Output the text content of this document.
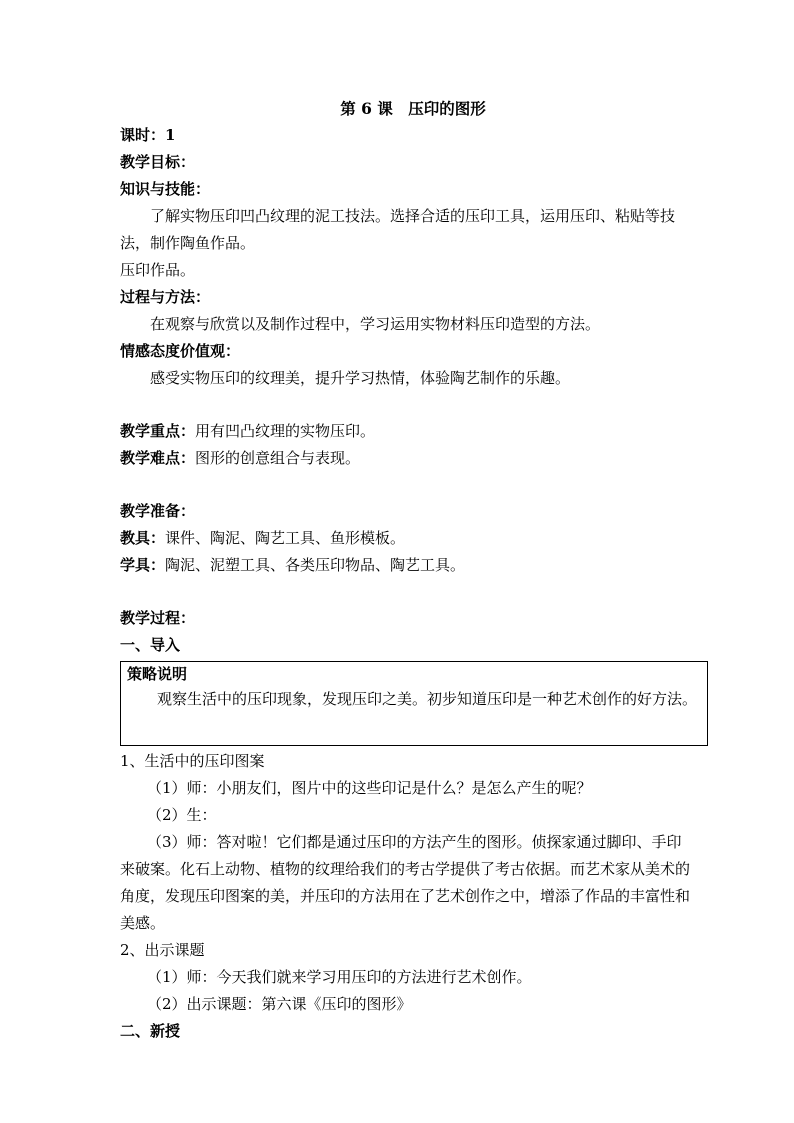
第 6 课　压印的图形
课时：1
教学目标：
知识与技能：
了解实物压印凹凸纹理的泥工技法。选择合适的压印工具，运用压印、粘贴等技法，制作陶鱼作品。
压印作品。
过程与方法：
在观察与欣赏以及制作过程中，学习运用实物材料压印造型的方法。
情感态度价值观：
感受实物压印的纹理美，提升学习热情，体验陶艺制作的乐趣。
教学重点：用有凹凸纹理的实物压印。
教学难点：图形的创意组合与表现。
教学准备：
教具：课件、陶泥、陶艺工具、鱼形模板。
学具：陶泥、泥塑工具、各类压印物品、陶艺工具。
教学过程：
一、导入
策略说明
观察生活中的压印现象，发现压印之美。初步知道压印是一种艺术创作的好方法。
1、生活中的压印图案
（1）师：小朋友们，图片中的这些印记是什么？是怎么产生的呢？
（2）生：
（3）师：答对啦！它们都是通过压印的方法产生的图形。侦探家通过脚印、手印来破案。化石上动物、植物的纹理给我们的考古学提供了考古依据。而艺术家从美术的角度，发现压印图案的美，并压印的方法用在了艺术创作之中，增添了作品的丰富性和美感。
2、出示课题
（1）师：今天我们就来学习用压印的方法进行艺术创作。
（2）出示课题：第六课《压印的图形》
二、新授
